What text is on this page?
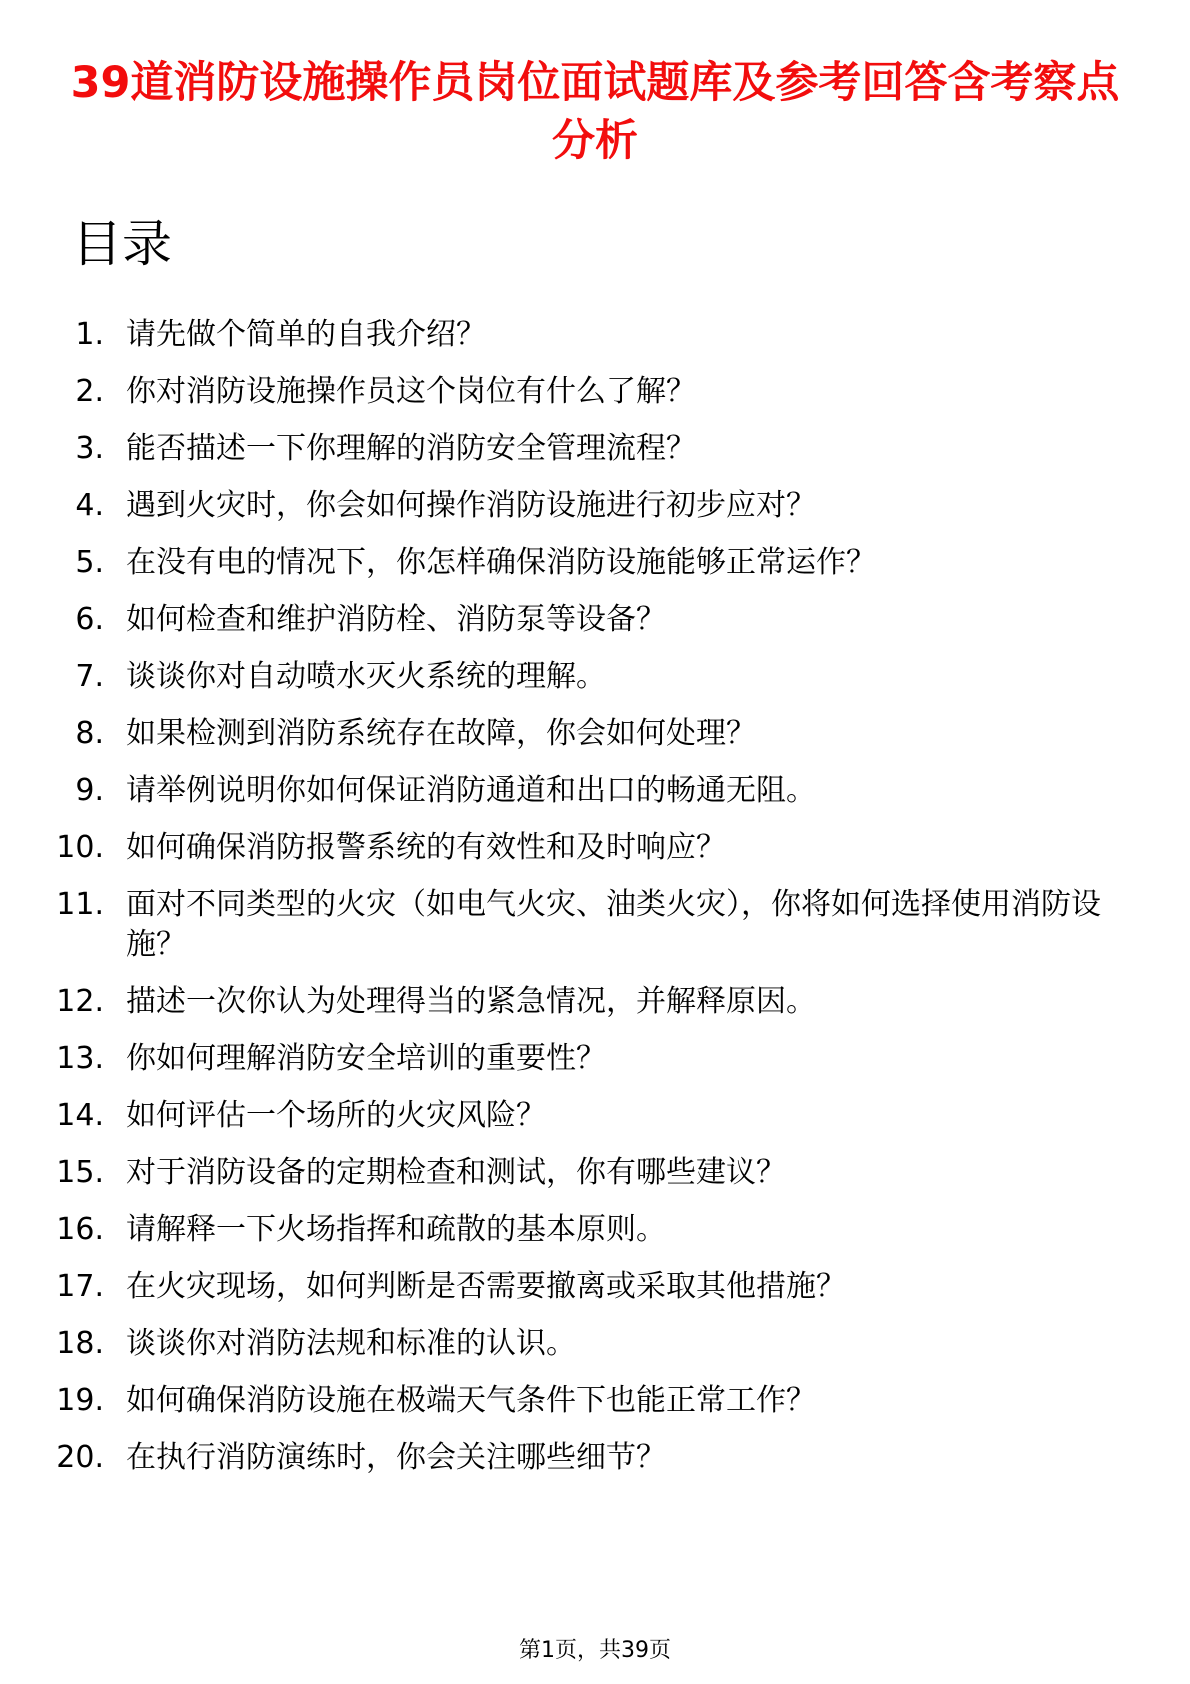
39道消防设施操作员岗位面试题库及参考回答含考察点分析
目录
1. 请先做个简单的自我介绍？
2. 你对消防设施操作员这个岗位有什么了解？
3. 能否描述一下你理解的消防安全管理流程？
4. 遇到火灾时，你会如何操作消防设施进行初步应对？
5. 在没有电的情况下，你怎样确保消防设施能够正常运作？
6. 如何检查和维护消防栓、消防泵等设备？
7. 谈谈你对自动喷水灭火系统的理解。
8. 如果检测到消防系统存在故障，你会如何处理？
9. 请举例说明你如何保证消防通道和出口的畅通无阻。
10. 如何确保消防报警系统的有效性和及时响应？
11. 面对不同类型的火灾（如电气火灾、油类火灾），你将如何选择使用消防设施？
12. 描述一次你认为处理得当的紧急情况，并解释原因。
13. 你如何理解消防安全培训的重要性？
14. 如何评估一个场所的火灾风险？
15. 对于消防设备的定期检查和测试，你有哪些建议？
16. 请解释一下火场指挥和疏散的基本原则。
17. 在火灾现场，如何判断是否需要撤离或采取其他措施？
18. 谈谈你对消防法规和标准的认识。
19. 如何确保消防设施在极端天气条件下也能正常工作？
20. 在执行消防演练时，你会关注哪些细节？
第1页，共39页
